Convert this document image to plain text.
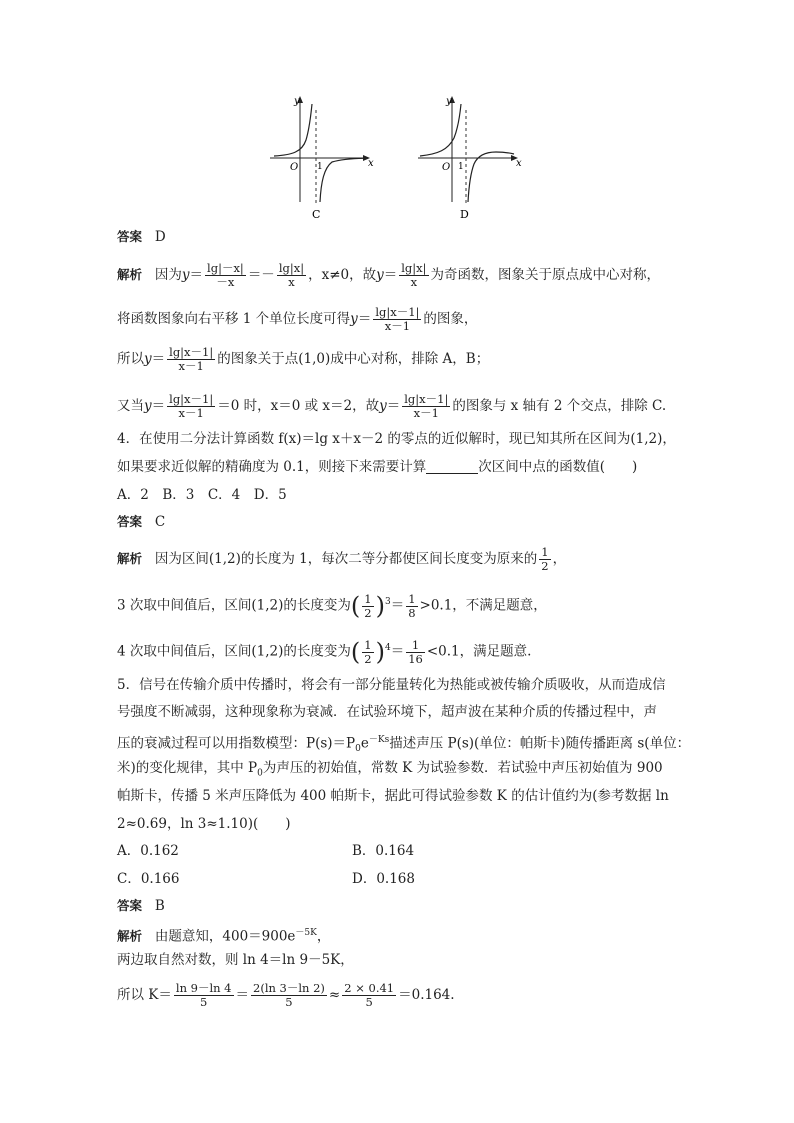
y
x
O 1
C
y
x
O 1
D
答案 D
解析 因为$y= \frac{\lg|-x|}{-x} =- \frac{\lg|x|}{x}$ ，x≠0，故$y= \frac{\lg|x|}{x}$ 为奇函数，图象关于原点成中心对称，
将函数图象向右平移 1 个单位长度可得$y= \frac{\lg|x-1|}{x-1}$ 的图象，
所以$y= \frac{\lg|x-1|}{x-1}$ 的图象关于点(1,0)成中心对称，排除 A，B；
又当$y= \frac{\lg|x-1|}{x-1} =0$ 时，x＝0 或 x＝2，故$y= \frac{\lg|x-1|}{x-1}$ 的图象与 x 轴有 2 个交点，排除 C.
4．在使用二分法计算函数 f(x)＝lg x＋x－2 的零点的近似解时，现已知其所在区间为(1,2)，
如果要求近似解的精确度为 0.1，则接下来需要计算	次区间中点的函数值(　　)
A．2　B．3　C．4　D．5
答案 C
解析 因为区间(1,2)的长度为 1，每次二等分都使区间长度变为原来的 $\frac{1}{2}$ ，
3 次取中间值后，区间(1,2)的长度变为( $\frac{1}{2} )^3= \frac{1}{8} >0.1$，不满足题意，
4 次取中间值后，区间(1,2)的长度变为( $\frac{1}{2} )^4= \frac{1}{16} <0.1$，满足题意.
5．信号在传输介质中传播时，将会有一部分能量转化为热能或被传输介质吸收，从而造成信
号强度不断减弱，这种现象称为衰减．在试验环境下，超声波在某种介质的传播过程中，声
压的衰减过程可以用指数模型：$P(s)=P_0e^{-Ks}$描述声压 P(s)(单位：帕斯卡)随传播距离 s(单位：
米)的变化规律，其中 $P_0$为声压的初始值，常数 K 为试验参数．若试验中声压初始值为 900
帕斯卡，传播 5 米声压降低为 400 帕斯卡，据此可得试验参数 K 的估计值约为(参考数据 ln
2≈0.69，ln 3≈1.10)(　　)
A．0.162	B．0.164
C．0.166	D．0.168
答案 B
解析 由题意知，$400=900e^{-5K}$，
两边取自然对数，则 ln 4＝ln 9－5K，
所以 $K= \frac{\ln 9-\ln 4}{5} = \frac{2(\ln 3-\ln 2)}{5} \approx \frac{2 \times 0.41}{5} =0.164$.
